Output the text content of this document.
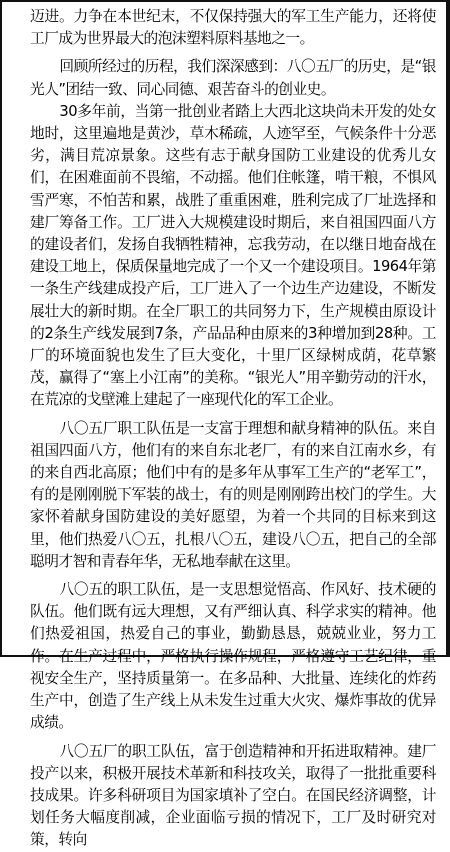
迈进。力争在本世纪末，不仅保持强大的军工生产能力，还将使工厂成为世界最大的泡沫塑料原料基地之一。

回顾所经过的历程，我们深深感到：八〇五厂的历史，是“银光人”团结一致、同心同德、艰苦奋斗的创业史。

30多年前，当第一批创业者踏上大西北这块尚未开发的处女地时，这里遍地是黄沙，草木稀疏，人迹罕至，气候条件十分恶劣，满目荒凉景象。这些有志于献身国防工业建设的优秀儿女们，在困难面前不畏缩，不动摇。他们住帐篷，啃干粮，不惧风雪严寒，不怕苦和累，战胜了重重困难，胜利完成了厂址选择和建厂筹备工作。工厂进入大规模建设时期后，来自祖国四面八方的建设者们，发扬自我牺牲精神，忘我劳动，在以继日地奋战在建设工地上，保质保量地完成了一个又一个建设项目。1964年第一条生产线建成投产后，工厂进入了一个边生产边建设，不断发展壮大的新时期。在全厂职工的共同努力下，生产规模由原设计的2条生产线发展到7条，产品品种由原来的3种增加到28种。工厂的环境面貌也发生了巨大变化，十里厂区绿树成荫，花草繁茂，赢得了“塞上小江南”的美称。“银光人”用辛勤劳动的汗水，在荒凉的戈壁滩上建起了一座现代化的军工企业。

八〇五厂职工队伍是一支富于理想和献身精神的队伍。来自祖国四面八方，他们有的来自东北老厂，有的来自江南水乡，有的来自西北高原；他们中有的是多年从事军工生产的“老军工”，有的是刚刚脱下军装的战士，有的则是刚刚跨出校门的学生。大家怀着献身国防建设的美好愿望，为着一个共同的目标来到这里，他们热爱八〇五，扎根八〇五，建设八〇五，把自己的全部聪明才智和青春年华，无私地奉献在这里。

八〇五的职工队伍，是一支思想觉悟高、作风好、技术硬的队伍。他们既有远大理想，又有严细认真、科学求实的精神。他们热爱祖国，热爱自己的事业，勤勤恳恳，兢兢业业，努力工作。在生产过程中，严格执行操作规程，严格遵守工艺纪律，重视安全生产，坚持质量第一。在多品种、大批量、连续化的炸药生产中，创造了生产线上从未发生过重大火灾、爆炸事故的优异成绩。

八〇五厂的职工队伍，富于创造精神和开拓进取精神。建厂投产以来，积极开展技术革新和科技攻关，取得了一批批重要科技成果。许多科研项目为国家填补了空白。在国民经济调整，计划任务大幅度削减，企业面临亏损的情况下，工厂及时研究对策，转向
